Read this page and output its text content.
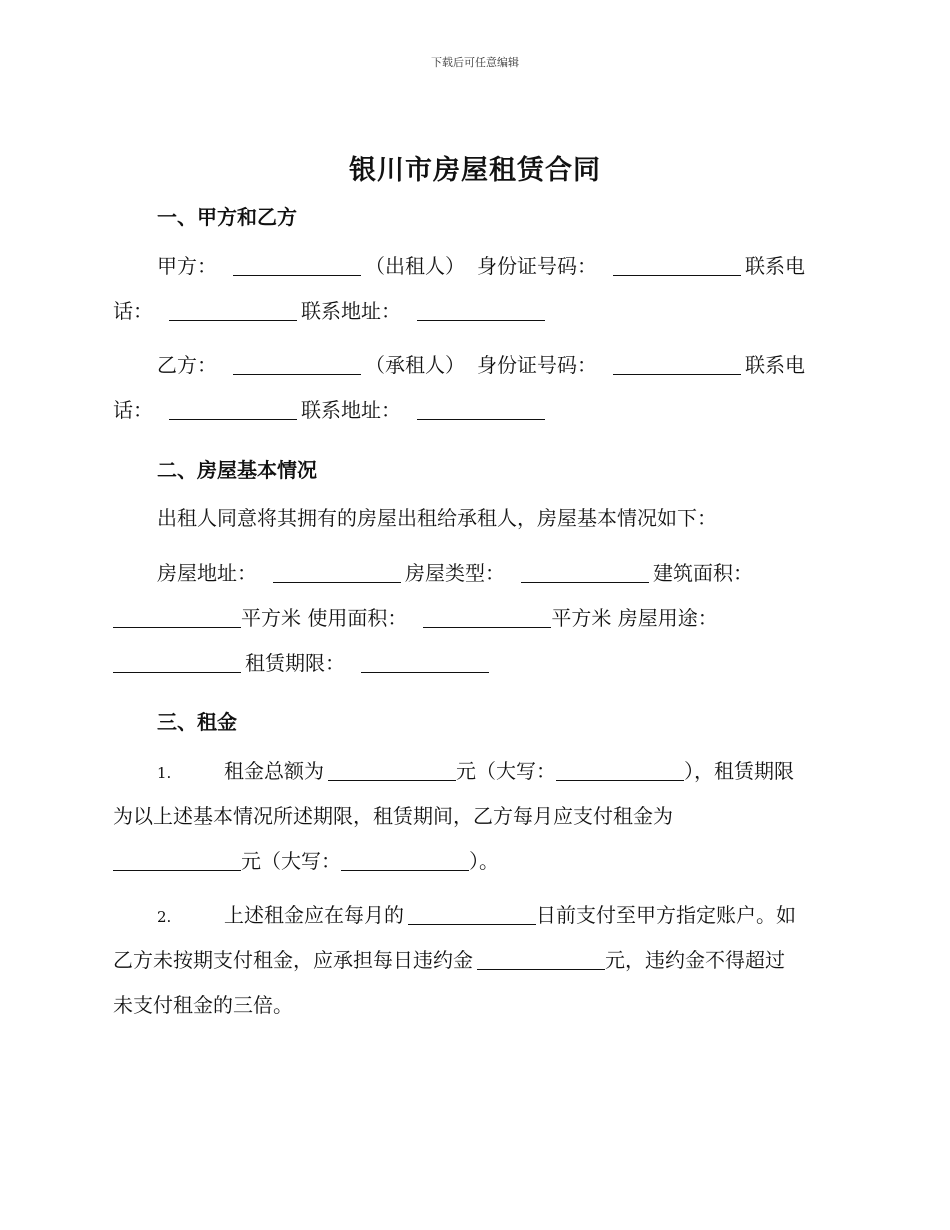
下载后可任意编辑
银川市房屋租赁合同
一、甲方和乙方
甲方：	（出租人） 身份证号码：	联系电
话：	联系地址：
乙方：	（承租人） 身份证号码：	联系电
话：	联系地址：
二、房屋基本情况
出租人同意将其拥有的房屋出租给承租人，房屋基本情况如下：
房屋地址：	房屋类型：	建筑面积：
平方米 使用面积：	平方米 房屋用途：
租赁期限：
三、租金
1.	租金总额为	元（大写：	），租赁期限
为以上述基本情况所述期限，租赁期间，乙方每月应支付租金为
元（大写：	）。
2.	上述租金应在每月的	日前支付至甲方指定账户。如
乙方未按期支付租金，应承担每日违约金	元，违约金不得超过
未支付租金的三倍。
